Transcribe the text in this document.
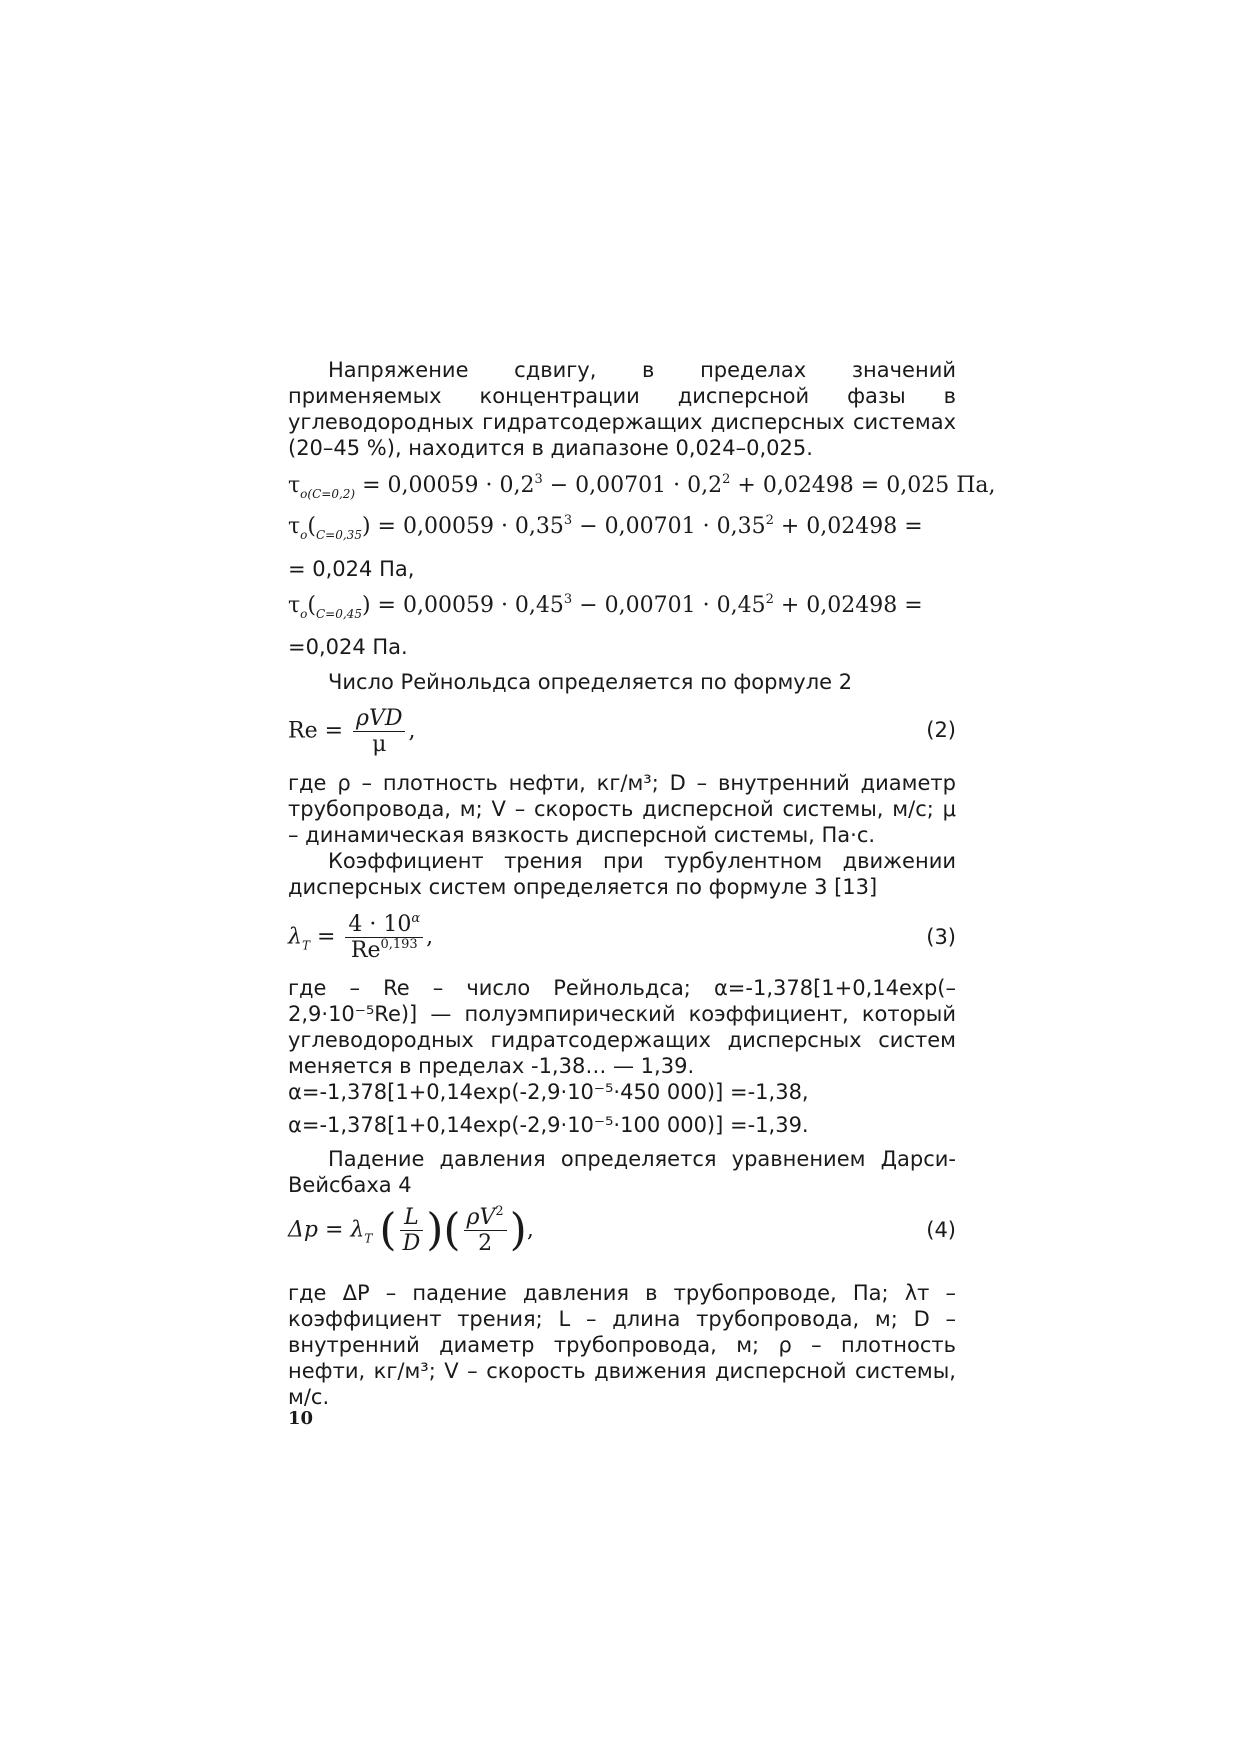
Напряжение сдвигу, в пределах значений применяемых концентрации дисперсной фазы в углеводородных гидратсодержащих дисперсных системах (20–45 %), находится в диапазоне 0,024–0,025.

$\tau_{o(C=0,2)} = 0,00059 \cdot 0,2^3 - 0,00701 \cdot 0,2^2 + 0,02498 = 0,025$ Па,
$\tau_o(_{C=0,35}) = 0,00059 \cdot 0,35^3 - 0,00701 \cdot 0,35^2 + 0,02498$ =
= 0,024 Па,
$\tau_o(_{C=0,45}) = 0,00059 \cdot 0,45^3 - 0,00701 \cdot 0,45^2 + 0,02498$ =
=0,024 Па.

Число Рейнольдса определяется по формуле 2

$Re = \frac{\text{ρVD}}{\mu}$ ,	(2)

где ρ – плотность нефти, кг/м³; D – внутренний диаметр трубопровода, м; V – скорость дисперсной системы, м/с; μ – динамическая вязкость дисперсной системы, Па·с.

Коэффициент трения при турбулентном движении дисперсных систем определяется по формуле 3 [13]

$\lambda_T = \frac{4 \cdot 10^\alpha}{Re^{0,193}}$ ,	(3)

где – Re – число Рейнольдса; α=-1,378[1+0,14exp(–2,9·10⁻⁵Re)] — полуэмпирический коэффициент, который углеводородных гидратсодержащих дисперсных систем меняется в пределах -1,38… — 1,39.

α=-1,378[1+0,14exp(-2,9·10⁻⁵·450 000)] =-1,38,
α=-1,378[1+0,14exp(-2,9·10⁻⁵·100 000)] =-1,39.

Падение давления определяется уравнением Дарси-Вейсбаха 4

$\Delta p = \lambda_T$ ( $\frac{L}{D}$ )( $\frac{\rho V^2}{2}$ ),	(4)

где ΔP – падение давления в трубопроводе, Па; λт – коэффициент трения; L – длина трубопровода, м; D – внутренний диаметр трубопровода, м; ρ – плотность нефти, кг/м³; V – скорость движения дисперсной системы, м/с.

10
